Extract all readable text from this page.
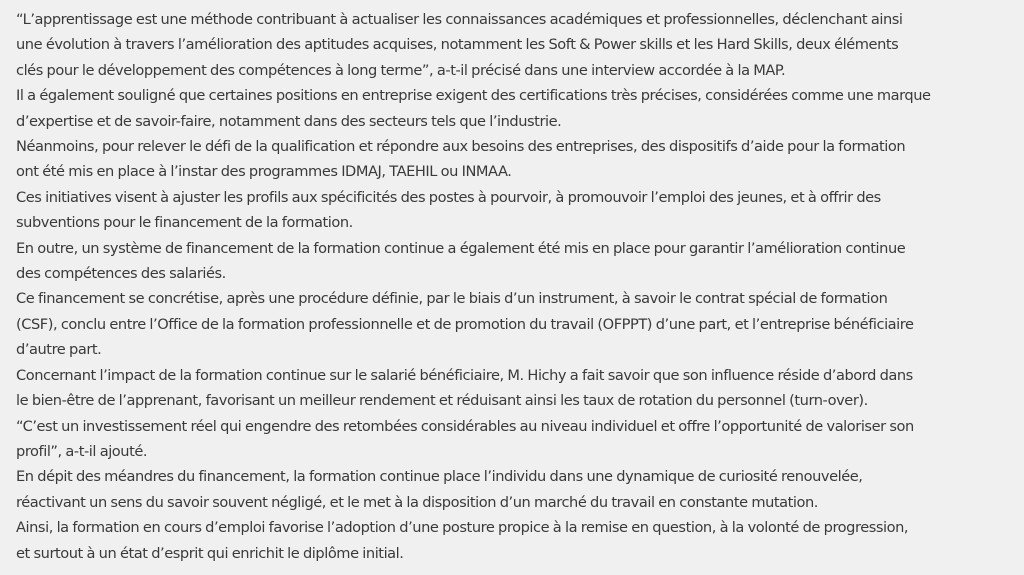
“L’apprentissage est une méthode contribuant à actualiser les connaissances académiques et professionnelles, déclenchant ainsi
une évolution à travers l’amélioration des aptitudes acquises, notamment les Soft & Power skills et les Hard Skills, deux éléments
clés pour le développement des compétences à long terme”, a-t-il précisé dans une interview accordée à la MAP.

Il a également souligné que certaines positions en entreprise exigent des certifications très précises, considérées comme une marque
d’expertise et de savoir-faire, notamment dans des secteurs tels que l’industrie.

Néanmoins, pour relever le défi de la qualification et répondre aux besoins des entreprises, des dispositifs d’aide pour la formation
ont été mis en place à l’instar des programmes IDMAJ, TAEHIL ou INMAA.

Ces initiatives visent à ajuster les profils aux spécificités des postes à pourvoir, à promouvoir l’emploi des jeunes, et à offrir des
subventions pour le financement de la formation.

En outre, un système de financement de la formation continue a également été mis en place pour garantir l’amélioration continue
des compétences des salariés.

Ce financement se concrétise, après une procédure définie, par le biais d’un instrument, à savoir le contrat spécial de formation
(CSF), conclu entre l’Office de la formation professionnelle et de promotion du travail (OFPPT) d’une part, et l’entreprise bénéficiaire
d’autre part.

Concernant l’impact de la formation continue sur le salarié bénéficiaire, M. Hichy a fait savoir que son influence réside d’abord dans
le bien-être de l’apprenant, favorisant un meilleur rendement et réduisant ainsi les taux de rotation du personnel (turn-over).

“C’est un investissement réel qui engendre des retombées considérables au niveau individuel et offre l’opportunité de valoriser son
profil”, a-t-il ajouté.

En dépit des méandres du financement, la formation continue place l’individu dans une dynamique de curiosité renouvelée,
réactivant un sens du savoir souvent négligé, et le met à la disposition d’un marché du travail en constante mutation.

Ainsi, la formation en cours d’emploi favorise l’adoption d’une posture propice à la remise en question, à la volonté de progression,
et surtout à un état d’esprit qui enrichit le diplôme initial.
